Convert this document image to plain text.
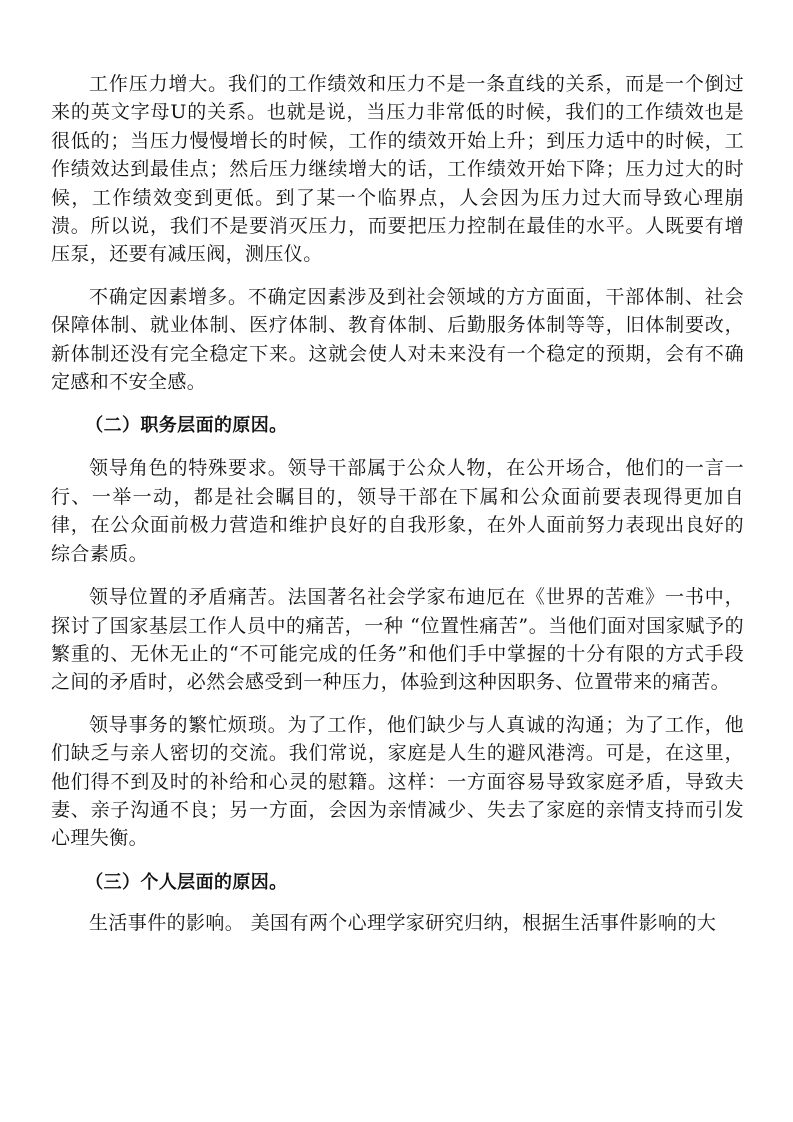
工作压力增大。我们的工作绩效和压力不是一条直线的关系，而是一个倒过来的英文字母U的关系。也就是说，当压力非常低的时候，我们的工作绩效也是很低的；当压力慢慢增长的时候，工作的绩效开始上升；到压力适中的时候，工作绩效达到最佳点；然后压力继续增大的话，工作绩效开始下降；压力过大的时候，工作绩效变到更低。到了某一个临界点，人会因为压力过大而导致心理崩溃。所以说，我们不是要消灭压力，而要把压力控制在最佳的水平。人既要有增压泵，还要有减压阀，测压仪。

不确定因素增多。不确定因素涉及到社会领域的方方面面，干部体制、社会保障体制、就业体制、医疗体制、教育体制、后勤服务体制等等，旧体制要改，新体制还没有完全稳定下来。这就会使人对未来没有一个稳定的预期，会有不确定感和不安全感。

（二）职务层面的原因。

领导角色的特殊要求。领导干部属于公众人物，在公开场合，他们的一言一行、一举一动，都是社会瞩目的，领导干部在下属和公众面前要表现得更加自律，在公众面前极力营造和维护良好的自我形象，在外人面前努力表现出良好的综合素质。

领导位置的矛盾痛苦。法国著名社会学家布迪厄在《世界的苦难》一书中，探讨了国家基层工作人员中的痛苦，一种 “位置性痛苦”。当他们面对国家赋予的繁重的、无休无止的“不可能完成的任务”和他们手中掌握的十分有限的方式手段之间的矛盾时，必然会感受到一种压力，体验到这种因职务、位置带来的痛苦。

领导事务的繁忙烦琐。为了工作，他们缺少与人真诚的沟通；为了工作，他们缺乏与亲人密切的交流。我们常说，家庭是人生的避风港湾。可是，在这里，他们得不到及时的补给和心灵的慰籍。这样：一方面容易导致家庭矛盾，导致夫妻、亲子沟通不良；另一方面，会因为亲情减少、失去了家庭的亲情支持而引发心理失衡。

（三）个人层面的原因。

生活事件的影响。 美国有两个心理学家研究归纳，根据生活事件影响的大
